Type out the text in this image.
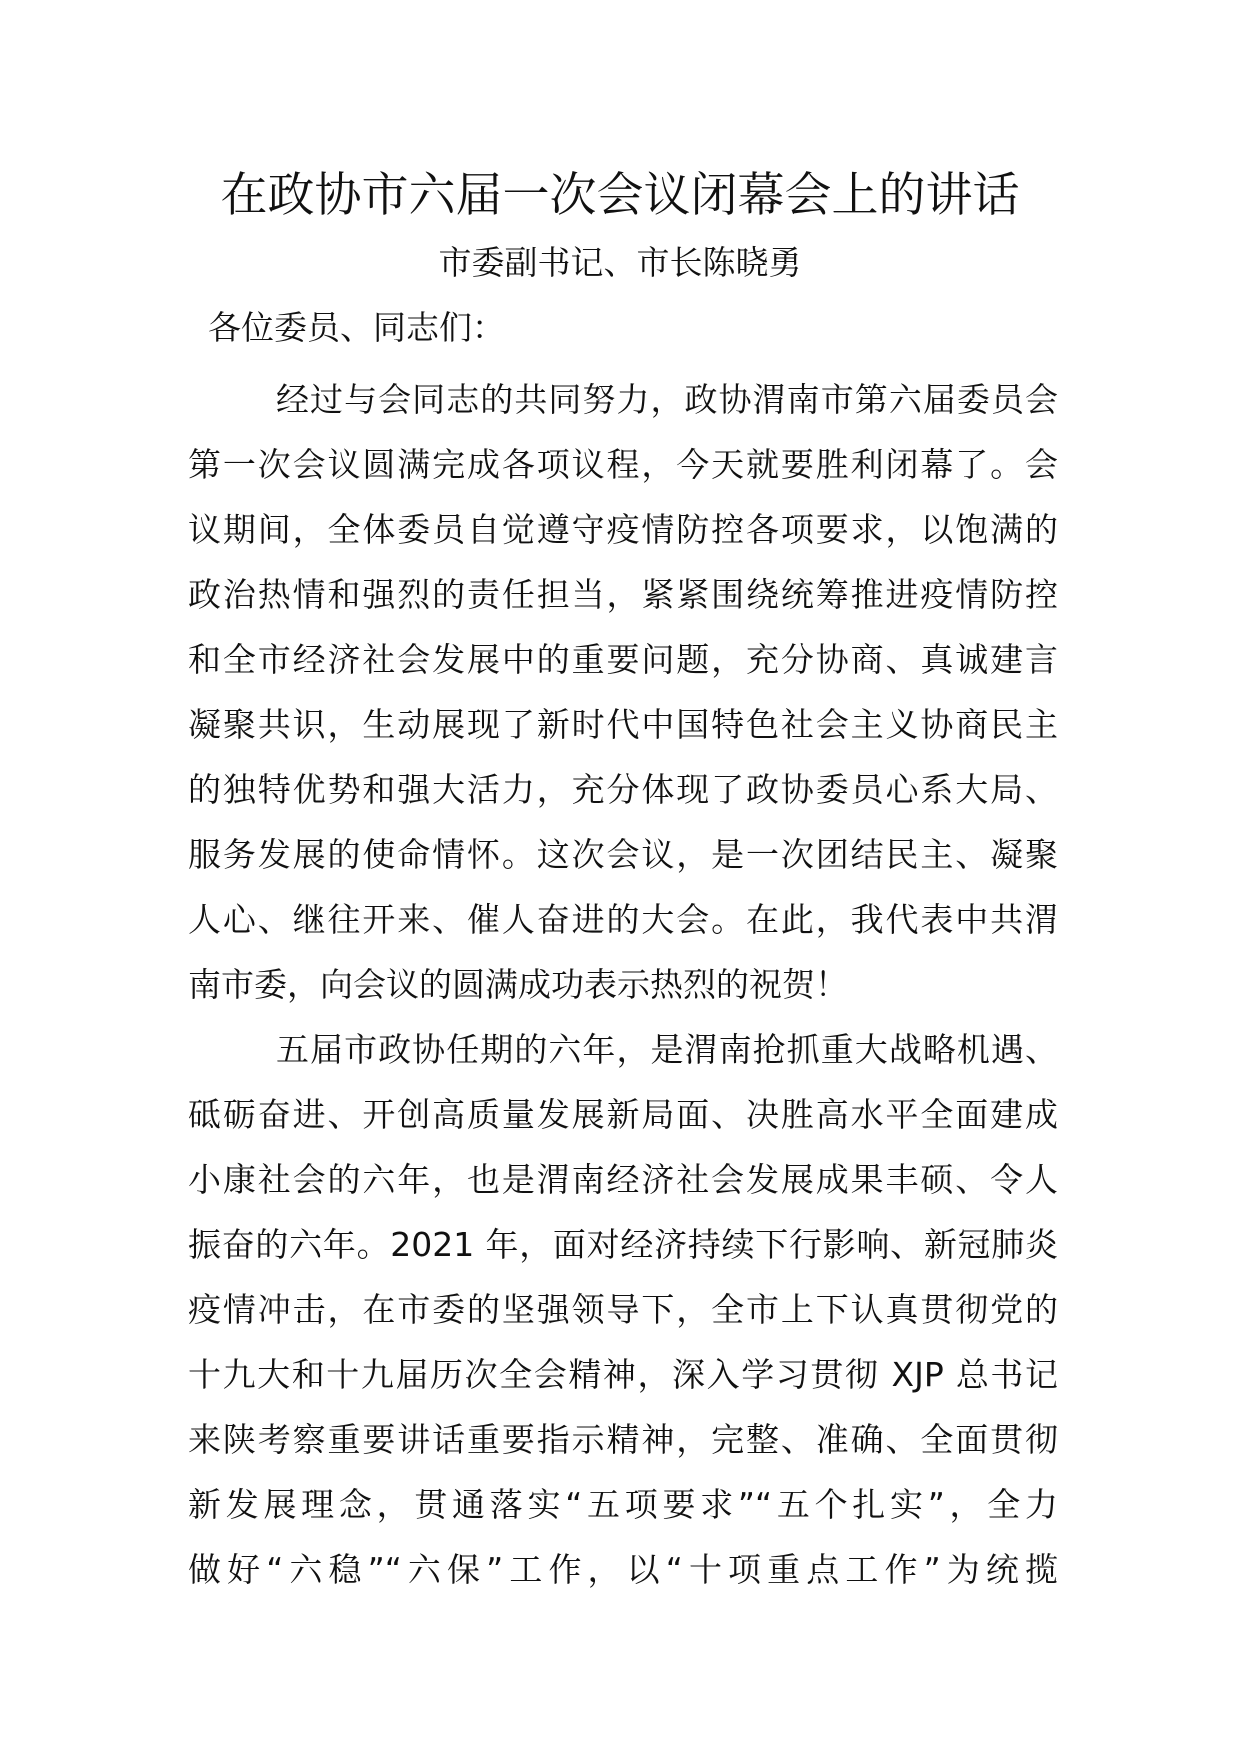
在政协市六届一次会议闭幕会上的讲话
市委副书记、市长陈晓勇
各位委员、同志们：
经过与会同志的共同努力，政协渭南市第六届委员会
第一次会议圆满完成各项议程，今天就要胜利闭幕了。会
议期间，全体委员自觉遵守疫情防控各项要求，以饱满的
政治热情和强烈的责任担当，紧紧围绕统筹推进疫情防控
和全市经济社会发展中的重要问题，充分协商、真诚建言
凝聚共识，生动展现了新时代中国特色社会主义协商民主
的独特优势和强大活力，充分体现了政协委员心系大局、
服务发展的使命情怀。这次会议，是一次团结民主、凝聚
人心、继往开来、催人奋进的大会。在此，我代表中共渭
南市委，向会议的圆满成功表示热烈的祝贺！
五届市政协任期的六年，是渭南抢抓重大战略机遇、
砥砺奋进、开创高质量发展新局面、决胜高水平全面建成
小康社会的六年，也是渭南经济社会发展成果丰硕、令人
振奋的六年。2021 年，面对经济持续下行影响、新冠肺炎
疫情冲击，在市委的坚强领导下，全市上下认真贯彻党的
十九大和十九届历次全会精神，深入学习贯彻 XJP 总书记
来陕考察重要讲话重要指示精神，完整、准确、全面贯彻
新发展理念，贯通落实“五项要求”“五个扎实”，全力
做好“六稳”“六保”工作，以“十项重点工作”为统揽
